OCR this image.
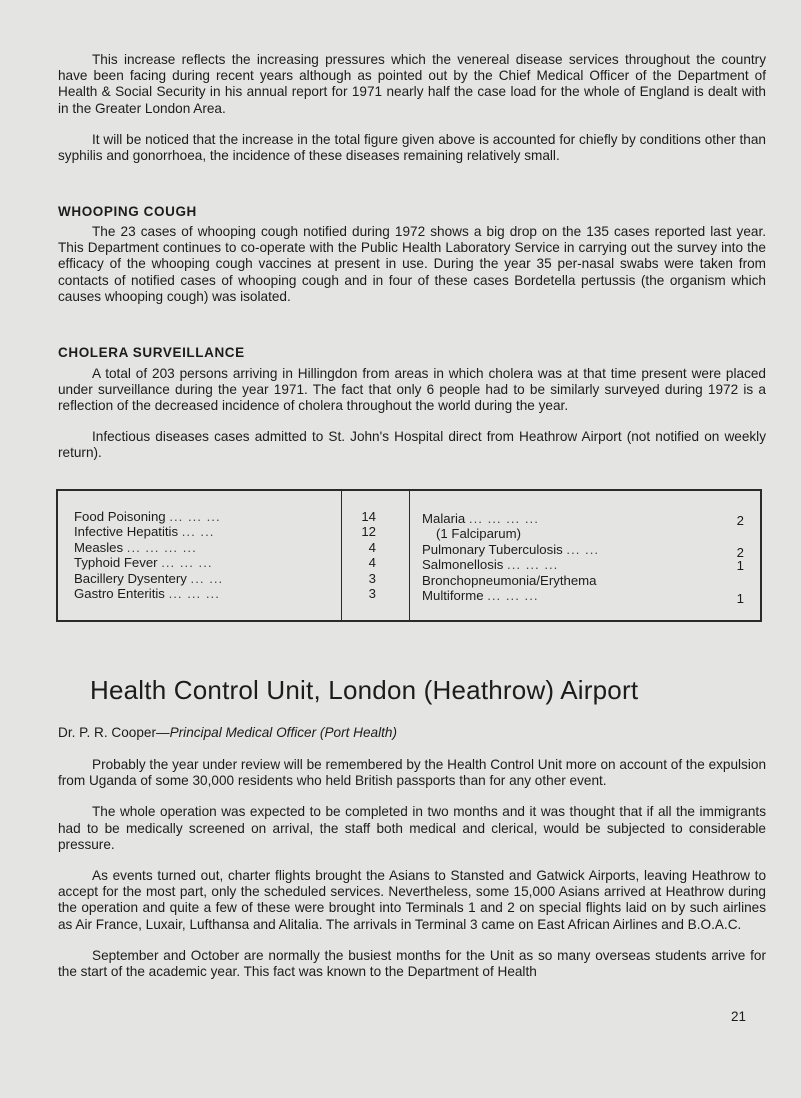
This increase reflects the increasing pressures which the venereal disease services throughout the country have been facing during recent years although as pointed out by the Chief Medical Officer of the Department of Health & Social Security in his annual report for 1971 nearly half the case load for the whole of England is dealt with in the Greater London Area.

It will be noticed that the increase in the total figure given above is accounted for chiefly by conditions other than syphilis and gonorrhoea, the incidence of these diseases remaining relatively small.

WHOOPING COUGH

The 23 cases of whooping cough notified during 1972 shows a big drop on the 135 cases reported last year. This Department continues to co-operate with the Public Health Laboratory Service in carrying out the survey into the efficacy of the whooping cough vaccines at present in use. During the year 35 per-nasal swabs were taken from contacts of notified cases of whooping cough and in four of these cases Bordetella pertussis (the organism which causes whooping cough) was isolated.

CHOLERA SURVEILLANCE

A total of 203 persons arriving in Hillingdon from areas in which cholera was at that time present were placed under surveillance during the year 1971. The fact that only 6 people had to be similarly surveyed during 1972 is a reflection of the decreased incidence of cholera throughout the world during the year.

Infectious diseases cases admitted to St. John's Hospital direct from Heathrow Airport (not notified on weekly return).

Food Poisoning ... ... ...	14
Infective Hepatitis ... ...	12
Measles ... ... ... ...	4
Typhoid Fever ... ... ...	4
Bacillery Dysentery ... ...	3
Gastro Enteritis ... ... ...	3
Malaria ... ... ... ...	2
(1 Falciparum)
Pulmonary Tuberculosis ... ...	2
Salmonellosis ... ... ...	1
Bronchopneumonia/Erythema
Multiforme ... ... ...	1
Health Control Unit, London (Heathrow) Airport
Dr. P. R. Cooper—Principal Medical Officer (Port Health)

Probably the year under review will be remembered by the Health Control Unit more on account of the expulsion from Uganda of some 30,000 residents who held British passports than for any other event.

The whole operation was expected to be completed in two months and it was thought that if all the immigrants had to be medically screened on arrival, the staff both medical and clerical, would be subjected to considerable pressure.

As events turned out, charter flights brought the Asians to Stansted and Gatwick Airports, leaving Heathrow to accept for the most part, only the scheduled services. Nevertheless, some 15,000 Asians arrived at Heathrow during the operation and quite a few of these were brought into Terminals 1 and 2 on special flights laid on by such airlines as Air France, Luxair, Lufthansa and Alitalia. The arrivals in Terminal 3 came on East African Airlines and B.O.A.C.

September and October are normally the busiest months for the Unit as so many overseas students arrive for the start of the academic year. This fact was known to the Department of Health

21
